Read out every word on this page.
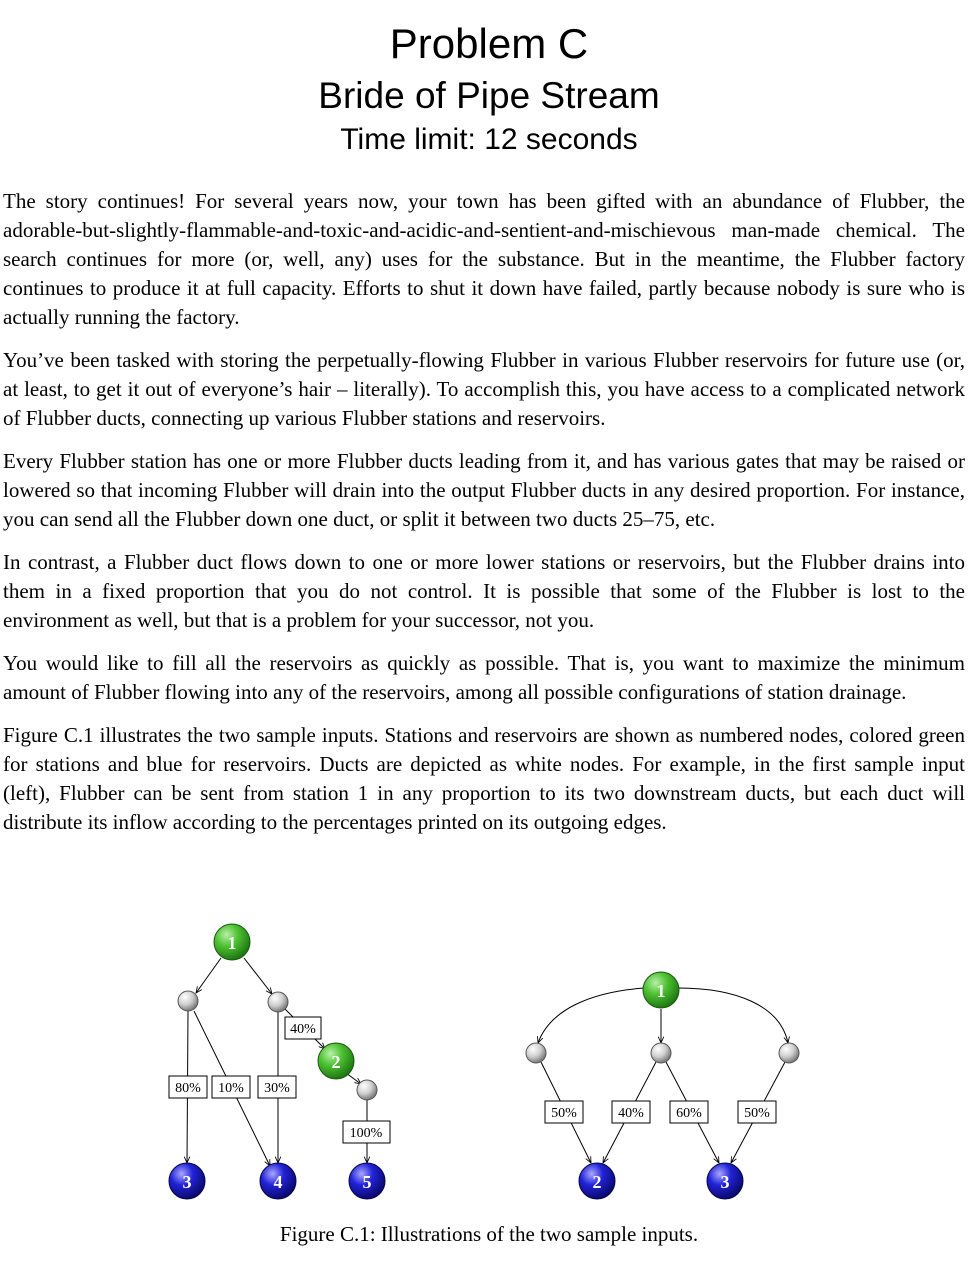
Problem C
Bride of Pipe Stream
Time limit: 12 seconds

The story continues! For several years now, your town has been gifted with an abundance of Flubber, the adorable-but-slightly-flammable-and-toxic-and-acidic-and-sentient-and-mischievous man-made chemical. The search continues for more (or, well, any) uses for the substance. But in the meantime, the Flubber factory continues to produce it at full capacity. Efforts to shut it down have failed, partly because nobody is sure who is actually running the factory.

You’ve been tasked with storing the perpetually-flowing Flubber in various Flubber reservoirs for future use (or, at least, to get it out of everyone’s hair – literally). To accomplish this, you have access to a complicated network of Flubber ducts, connecting up various Flubber stations and reservoirs.

Every Flubber station has one or more Flubber ducts leading from it, and has various gates that may be raised or lowered so that incoming Flubber will drain into the output Flubber ducts in any desired proportion. For instance, you can send all the Flubber down one duct, or split it between two ducts 25–75, etc.

In contrast, a Flubber duct flows down to one or more lower stations or reservoirs, but the Flubber drains into them in a fixed proportion that you do not control. It is possible that some of the Flubber is lost to the environment as well, but that is a problem for your successor, not you.

You would like to fill all the reservoirs as quickly as possible. That is, you want to maximize the minimum amount of Flubber flowing into any of the reservoirs, among all possible configurations of station drainage.

Figure C.1 illustrates the two sample inputs. Stations and reservoirs are shown as numbered nodes, colored green for stations and blue for reservoirs. Ducts are depicted as white nodes. For example, in the first sample input (left), Flubber can be sent from station 1 in any proportion to its two downstream ducts, but each duct will distribute its inflow according to the percentages printed on its outgoing edges.

40%
80% 10% 30%
100%
1
2
3	4	5
50%	40% 60%	50%
1
2	3
Figure C.1: Illustrations of the two sample inputs.
